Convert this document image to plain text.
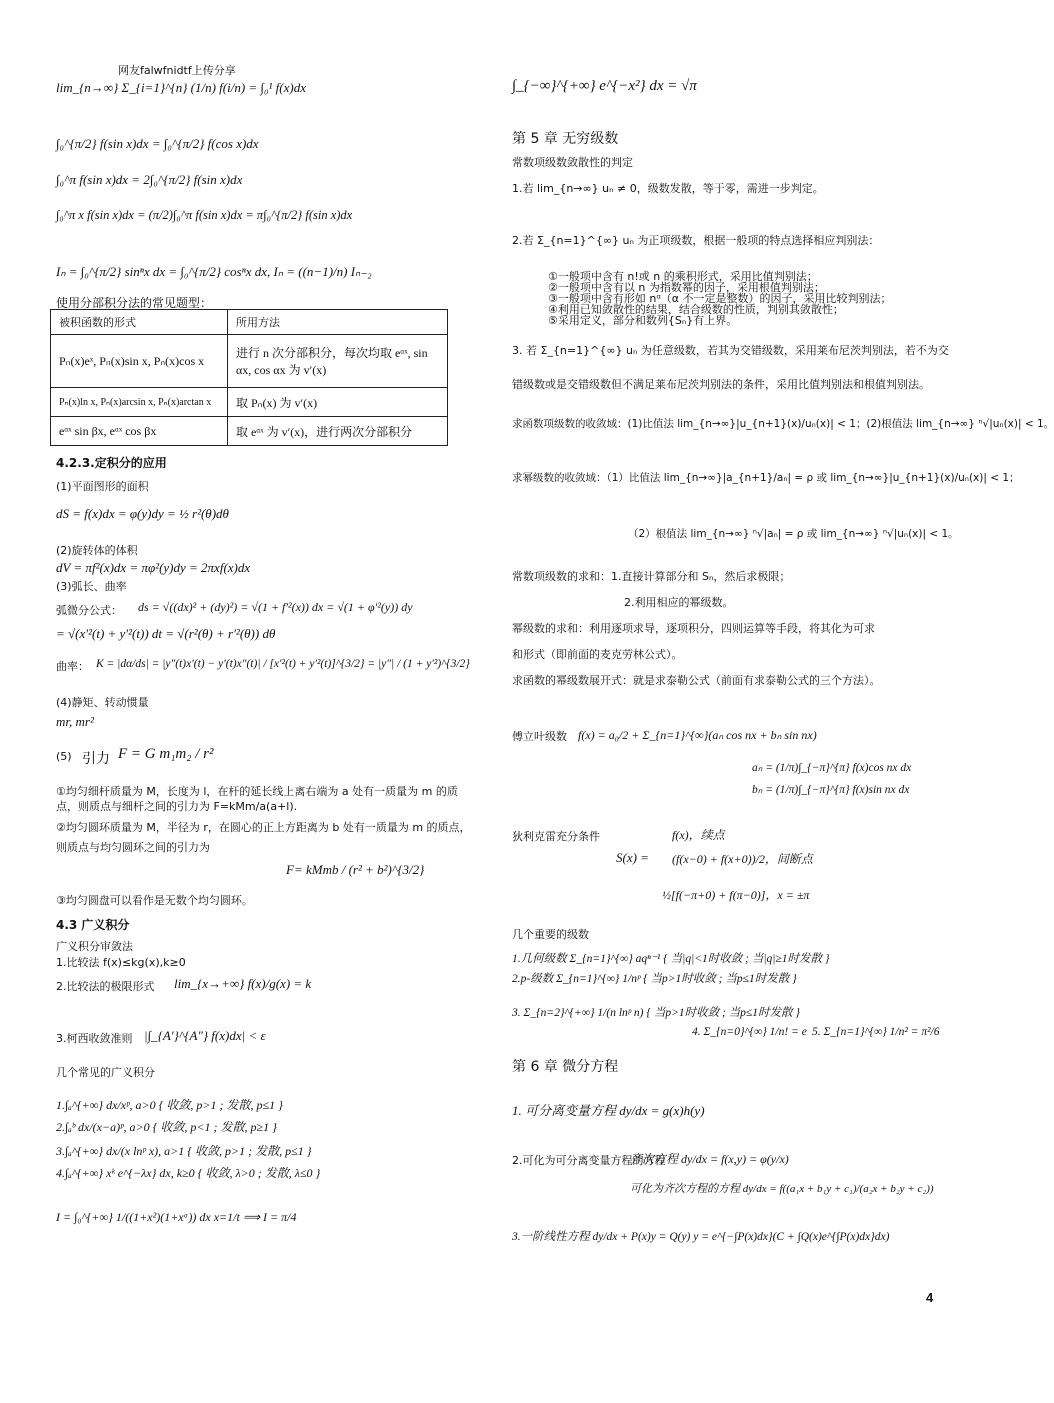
网友falwfnidtf上传分享
lim_{n→∞} Σ_{i=1}^{n} (1/n) f(i/n) = ∫₀¹ f(x)dx
∫₀^{π/2} f(sin x)dx = ∫₀^{π/2} f(cos x)dx
∫₀^π f(sin x)dx = 2∫₀^{π/2} f(sin x)dx
∫₀^π x f(sin x)dx = (π/2)∫₀^π f(sin x)dx = π∫₀^{π/2} f(sin x)dx
Iₙ = ∫₀^{π/2} sinⁿx dx = ∫₀^{π/2} cosⁿx dx, Iₙ = ((n−1)/n) Iₙ₋₂
使用分部积分法的常见题型：
被积函数的形式	所用方法
Pₙ(x)eˣ, Pₙ(x)sin x, Pₙ(x)cos x	进行 n 次分部积分，每次均取 eᵅˣ, sin αx, cos αx 为 v′(x)
Pₙ(x)ln x, Pₙ(x)arcsin x, Pₙ(x)arctan x	取 Pₙ(x) 为 v′(x)
eᵅˣ sin βx, eᵅˣ cos βx	取 eᵅˣ 为 v′(x)，进行两次分部积分
4.2.3.定积分的应用
(1)平面图形的面积
dS = f(x)dx = φ(y)dy = ½ r²(θ)dθ
(2)旋转体的体积
dV = πf²(x)dx = πφ²(y)dy = 2πxf(x)dx
(3)弧长、曲率
弧微分公式： ds = √((dx)² + (dy)²) = √(1 + f′²(x)) dx = √(1 + φ′²(y)) dy
= √(x′²(t) + y′²(t)) dt = √(r²(θ) + r′²(θ)) dθ
曲率： K = |dα/ds| = |y″(t)x′(t) − y′(t)x″(t)| / [x′²(t) + y′²(t)]^{3/2} = |y″| / (1 + y′²)^{3/2}
(4)静矩、转动惯量
mr, mr²
(5) 引力 F = G m₁m₂ / r²
①均匀细杆质量为 M，长度为 l，在杆的延长线上离右端为 a 处有一质量为 m 的质点，则质点与细杆之间的引力为 F=kMm/a(a+l).
②均匀圆环质量为 M，半径为 r，在圆心的正上方距离为 b 处有一质量为 m 的质点，则质点与均匀圆环之间的引力为
F= kMmb / (r² + b²)^{3/2}
③均匀圆盘可以看作是无数个均匀圆环。
4.3 广义积分
广义积分审敛法
1.比较法 f(x)≤kg(x),k≥0
2.比较法的极限形式 lim_{x→+∞} f(x)/g(x) = k
3.柯西收敛准则 |∫_{A′}^{A″} f(x)dx| < ε
几个常见的广义积分
1.∫ₐ^{+∞} dx/xᵖ, a>0 { 收敛, p>1 ; 发散, p≤1 }
2.∫ₐᵇ dx/(x−a)ᵖ, a>0 { 收敛, p<1 ; 发散, p≥1 }
3.∫ₐ^{+∞} dx/(x lnᵖ x), a>1 { 收敛, p>1 ; 发散, p≤1 }
4.∫ₐ^{+∞} xᵏ e^{−λx} dx, k≥0 { 收敛, λ>0 ; 发散, λ≤0 }
I = ∫₀^{+∞} 1/((1+x²)(1+xᵅ)) dx x=1/t ⟹ I = π/4
∫_{−∞}^{+∞} e^{−x²} dx = √π
第 5 章 无穷级数
常数项级数敛散性的判定
1.若 lim_{n→∞} uₙ ≠ 0，级数发散，等于零，需进一步判定。
2.若 Σ_{n=1}^{∞} uₙ 为正项级数，根据一般项的特点选择相应判别法：
①一般项中含有 n!或 n 的乘积形式，采用比值判别法；
②一般项中含有以 n 为指数幂的因子，采用根值判别法；
③一般项中含有形如 nᵅ（α 不一定是整数）的因子，采用比较判别法；
④利用已知敛散性的结果，结合级数的性质，判别其敛散性；
⑤采用定义，部分和数列{Sₙ}有上界。
3. 若 Σ_{n=1}^{∞} uₙ 为任意级数，若其为交错级数，采用莱布尼茨判别法，若不为交
错级数或是交错级数但不满足莱布尼茨判别法的条件，采用比值判别法和根值判别法。
求函数项级数的收敛域：(1)比值法 lim_{n→∞}|u_{n+1}(x)/uₙ(x)| < 1；(2)根值法 lim_{n→∞} ⁿ√|uₙ(x)| < 1。
求幂级数的收敛域：（1）比值法 lim_{n→∞}|a_{n+1}/aₙ| = ρ 或 lim_{n→∞}|u_{n+1}(x)/uₙ(x)| < 1；
（2）根值法 lim_{n→∞} ⁿ√|aₙ| = ρ 或 lim_{n→∞} ⁿ√|uₙ(x)| < 1。
常数项级数的求和：1.直接计算部分和 Sₙ，然后求极限；
2.利用相应的幂级数。
幂级数的求和：利用逐项求导，逐项积分，四则运算等手段，将其化为可求
和形式（即前面的麦克劳林公式）。
求函数的幂级数展开式：就是求泰勒公式（前面有求泰勒公式的三个方法）。
傅立叶级数 f(x) = a₀/2 + Σ_{n=1}^{∞}(aₙ cos nx + bₙ sin nx)
aₙ = (1/π)∫_{−π}^{π} f(x)cos nx dx
bₙ = (1/π)∫_{−π}^{π} f(x)sin nx dx
狄利克雷充分条件
S(x) =
f(x)，续点
(f(x−0) + f(x+0))/2，间断点
½[f(−π+0) + f(π−0)]，x = ±π
几个重要的级数
1.几何级数 Σ_{n=1}^{∞} aqⁿ⁻¹ { 当|q|<1时收敛 ; 当|q|≥1时发散 }
2.p-级数 Σ_{n=1}^{∞} 1/nᵖ { 当p>1时收敛 ; 当p≤1时发散 }
3. Σ_{n=2}^{+∞} 1/(n lnᵖ n) { 当p>1时收敛 ; 当p≤1时发散 }
4. Σ_{n=0}^{∞} 1/n! = e 5. Σ_{n=1}^{∞} 1/n² = π²/6
第 6 章 微分方程
1. 可分离变量方程 dy/dx = g(x)h(y)
2.可化为可分离变量方程的方程
齐次方程 dy/dx = f(x,y) = φ(y/x)
可化为齐次方程的方程 dy/dx = f((a₁x + b₁y + c₁)/(a₂x + b₂y + c₂))
3.一阶线性方程 dy/dx + P(x)y = Q(y) y = e^{−∫P(x)dx}(C + ∫Q(x)e^{∫P(x)dx}dx)
4
